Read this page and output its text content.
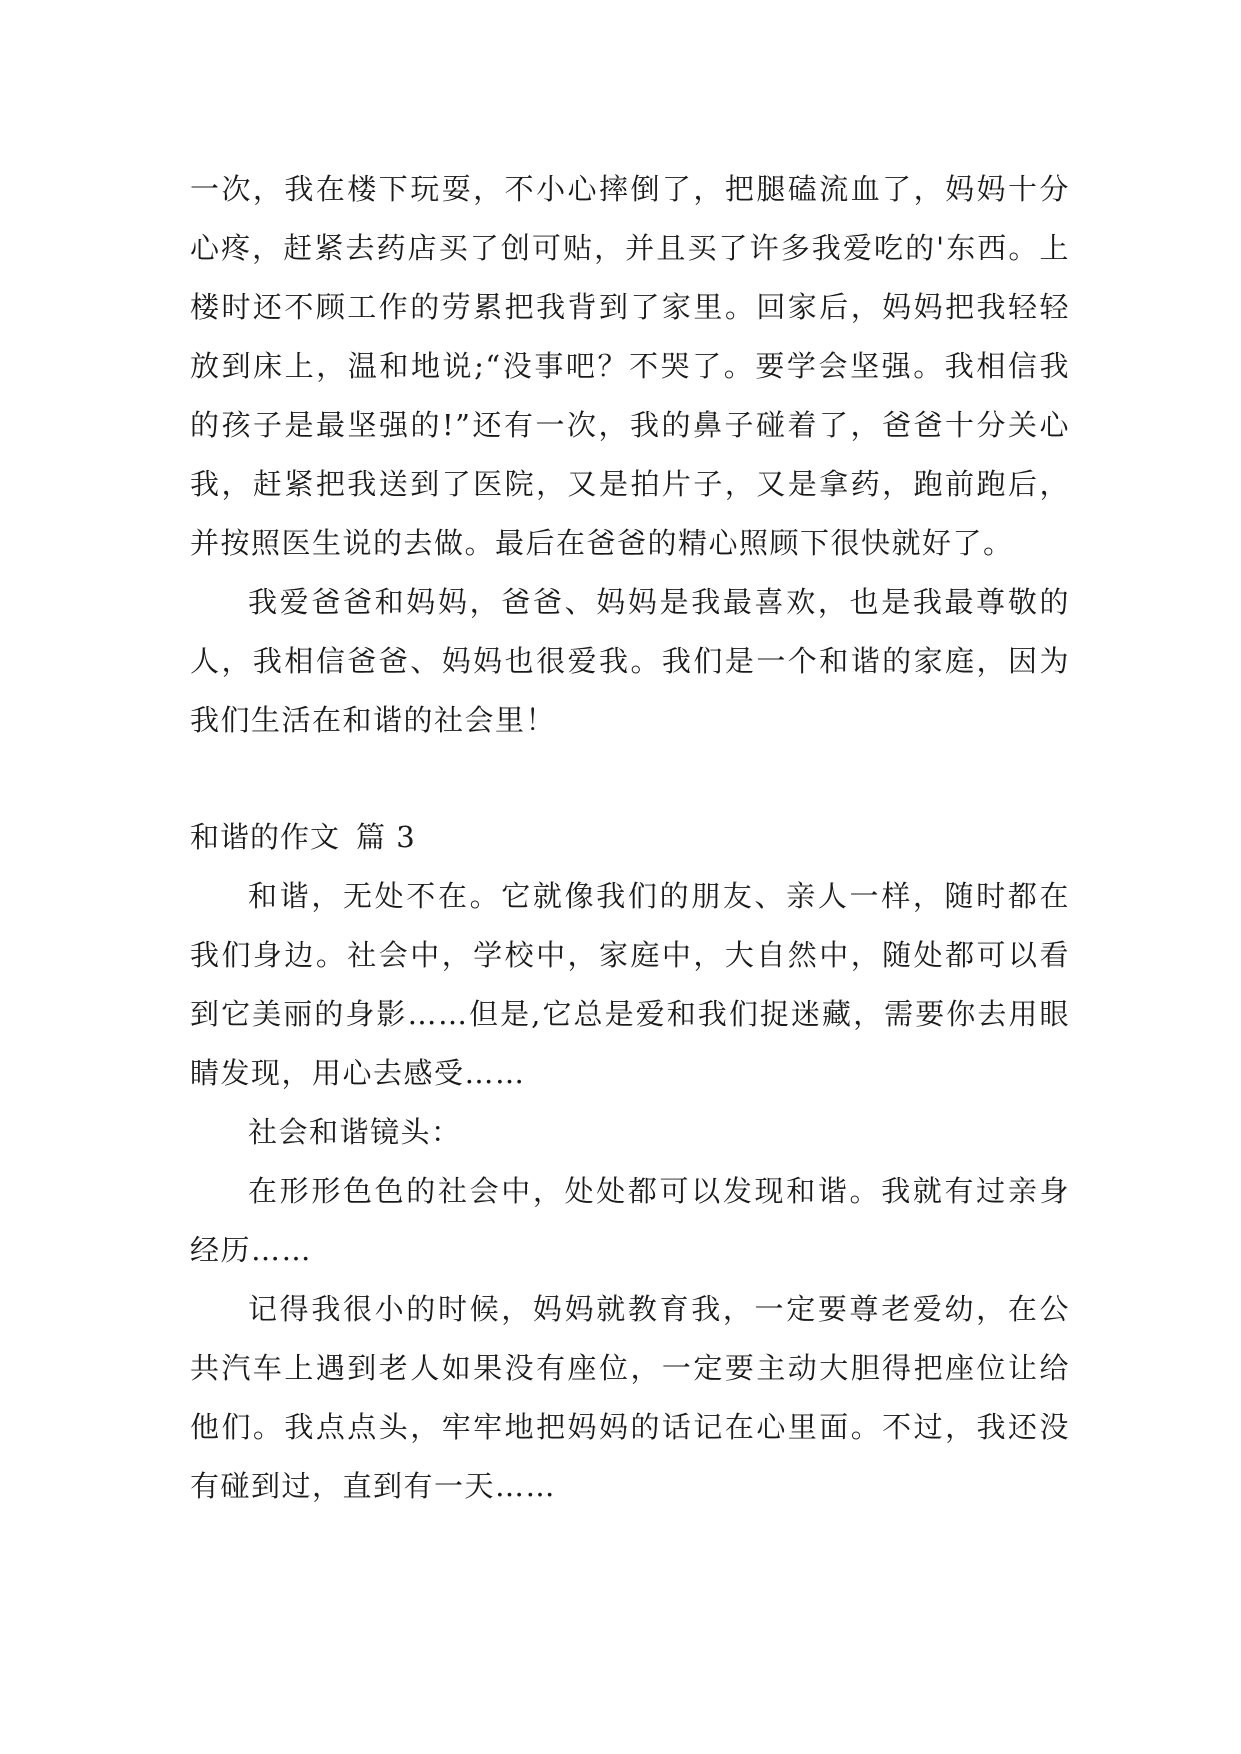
一次，我在楼下玩耍，不小心摔倒了，把腿磕流血了，妈妈十分心疼，赶紧去药店买了创可贴，并且买了许多我爱吃的'东西。上楼时还不顾工作的劳累把我背到了家里。回家后，妈妈把我轻轻放到床上，温和地说;“没事吧？不哭了。要学会坚强。我相信我的孩子是最坚强的!”还有一次，我的鼻子碰着了，爸爸十分关心我，赶紧把我送到了医院，又是拍片子，又是拿药，跑前跑后，并按照医生说的去做。最后在爸爸的精心照顾下很快就好了。

我爱爸爸和妈妈，爸爸、妈妈是我最喜欢，也是我最尊敬的人，我相信爸爸、妈妈也很爱我。我们是一个和谐的家庭，因为我们生活在和谐的社会里！

和谐的作文 篇 3

和谐，无处不在。它就像我们的朋友、亲人一样，随时都在我们身边。社会中，学校中，家庭中，大自然中，随处都可以看到它美丽的身影……但是,它总是爱和我们捉迷藏，需要你去用眼睛发现，用心去感受……

社会和谐镜头：

在形形色色的社会中，处处都可以发现和谐。我就有过亲身经历……

记得我很小的时候，妈妈就教育我，一定要尊老爱幼，在公共汽车上遇到老人如果没有座位，一定要主动大胆得把座位让给他们。我点点头，牢牢地把妈妈的话记在心里面。不过，我还没有碰到过，直到有一天……
